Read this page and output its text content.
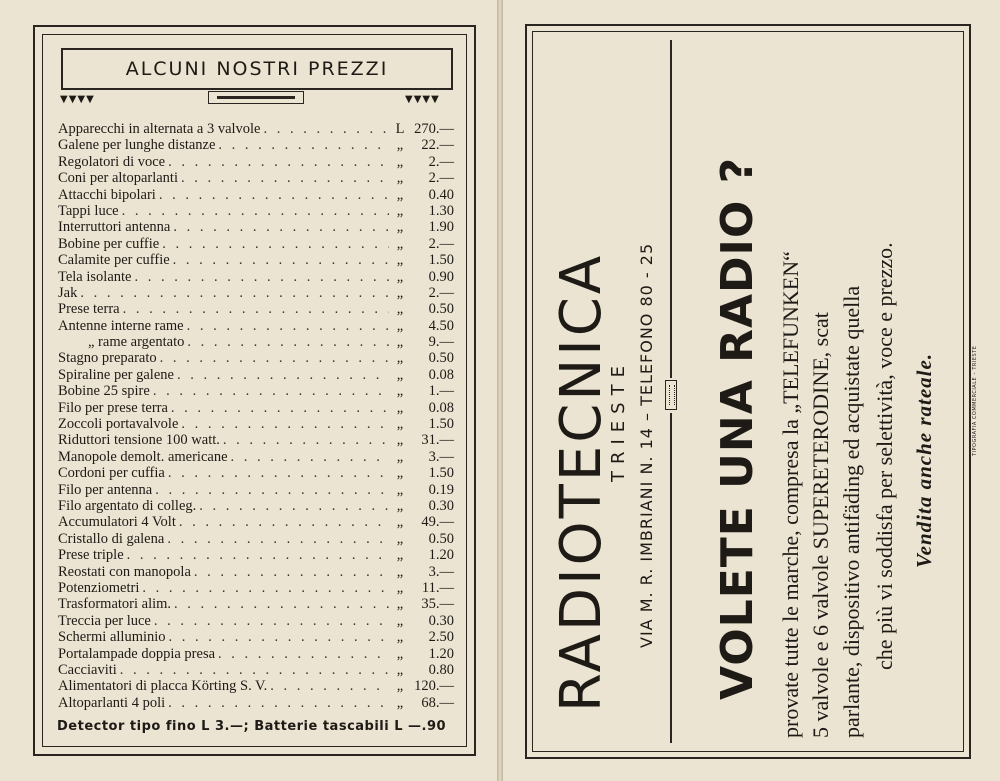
ALCUNI NOSTRI PREZZI
▼▼▼▼	▼▼▼▼
Apparecchi in alternata a 3 valvole . . .	L 270.—
Galene per lunghe distanze . . .	„	22.—
Regolatori di voce . . .	„	2.—
Coni per altoparlanti . . .	„	2.—
Attacchi bipolari . . .	„	0.40
Tappi luce . . .	„	1.30
Interruttori antenna . . .	„	1.90
Bobine per cuffie . . .	„	2.—
Calamite per cuffie . . .	„	1.50
Tela isolante . . .	„	0.90
Jak . . .	„	2.—
Prese terra . . .	„	0.50
Antenne interne rame . . .	„	4.50
„ rame argentato . . .	„	9.—
Stagno preparato . . .	„	0.50
Spiraline per galene . . .	„	0.08
Bobine 25 spire . . .	„	1.—
Filo per prese terra . . .	„	0.08
Zoccoli portavalvole . . .	„	1.50
Riduttori tensione 100 watt. . . .	„	31.—
Manopole demolt. americane . . .	„	3.—
Cordoni per cuffia . . .	„	1.50
Filo per antenna . . .	„	0.19
Filo argentato di colleg. . . .	„	0.30
Accumulatori 4 Volt . . .	„	49.—
Cristallo di galena . . .	„	0.50
Prese triple . . .	„	1.20
Reostati con manopola . . .	„	3.—
Potenziometri . . .	„	11.—
Trasformatori alim. . . .	„	35.—
Treccia per luce . . .	„	0.30
Schermi alluminio . . .	„	2.50
Portalampade doppia presa . . .	„	1.20
Cacciaviti . . .	„	0.80
Alimentatori di placca Körting S. V. . . .	„ 120.—
Altoparlanti 4 poli . . .	„	68.—
Detector tipo fino L 3.—; Batterie tascabili L —.90
RADIOTECNICA
TRIESTE VIA M. R. IMBRIANI N. 14 – TELEFONO 80 - 25 VOLETE UNA RADIO ? provate tutte le marche, compresa la „TELEFUNKEN“ 5 valvole e 6 valvole SUPERETERODINE, scat parlante, dispositivo antifäding ed acquistate quella che più vi soddisfa per selettività, voce e prezzo. Vendita anche rateale.	TIPOGRAFIA COMMERCIALE – TRIESTE
